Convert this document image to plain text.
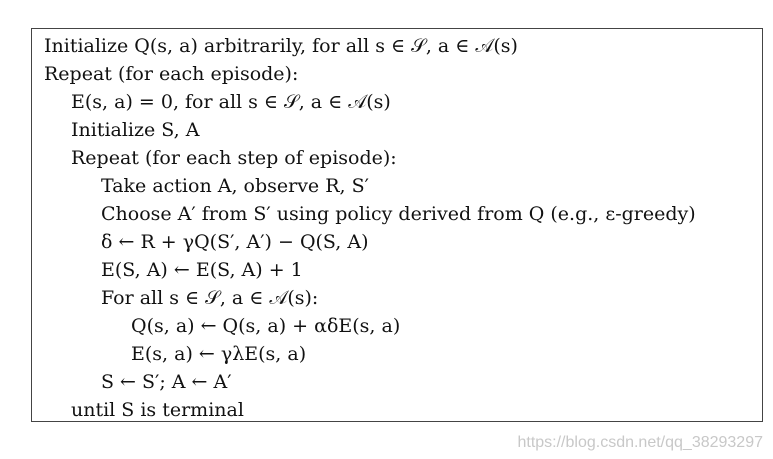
Initialize Q(s, a) arbitrarily, for all s ∈ 𝒮, a ∈ 𝒜(s)
Repeat (for each episode):
E(s, a) = 0, for all s ∈ 𝒮, a ∈ 𝒜(s)
Initialize S, A
Repeat (for each step of episode):
Take action A, observe R, S′
Choose A′ from S′ using policy derived from Q (e.g., ε-greedy)
δ ← R + γQ(S′, A′) − Q(S, A)
E(S, A) ← E(S, A) + 1
For all s ∈ 𝒮, a ∈ 𝒜(s):
Q(s, a) ← Q(s, a) + αδE(s, a)
E(s, a) ← γλE(s, a)
S ← S′; A ← A′
until S is terminal
https://blog.csdn.net/qq_38293297
